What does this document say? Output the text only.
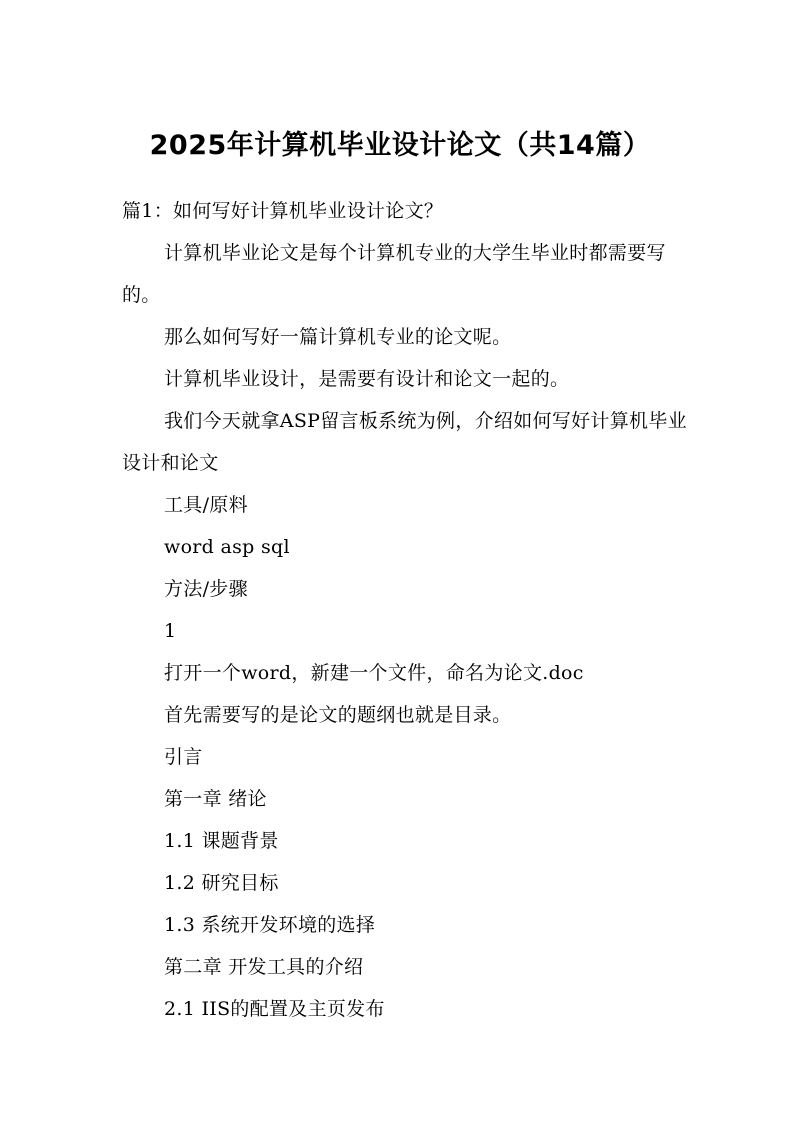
2025年计算机毕业设计论文（共14篇）

篇1：如何写好计算机毕业设计论文？

计算机毕业论文是每个计算机专业的大学生毕业时都需要写的。

那么如何写好一篇计算机专业的论文呢。

计算机毕业设计，是需要有设计和论文一起的。

我们今天就拿ASP留言板系统为例，介绍如何写好计算机毕业设计和论文

工具/原料

word asp sql

方法/步骤

1

打开一个word，新建一个文件，命名为论文.doc

首先需要写的是论文的题纲也就是目录。

引言

第一章 绪论

1.1 课题背景

1.2 研究目标

1.3 系统开发环境的选择

第二章 开发工具的介绍

2.1 IIS的配置及主页发布
